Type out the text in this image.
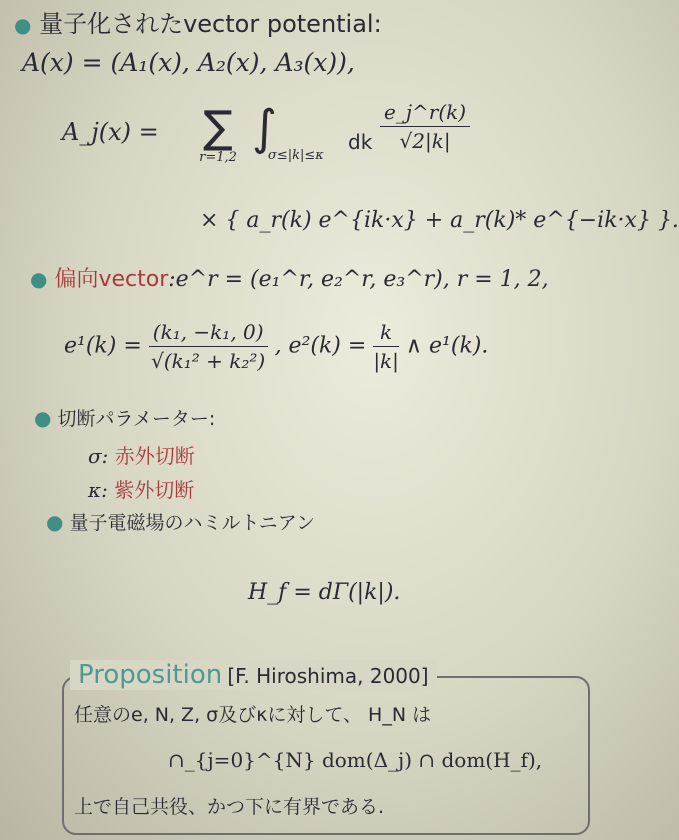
● 量子化されたvector potential:
A(x) = (A₁(x), A₂(x), A₃(x)),
A_j(x) =	∑
r=1,2
∫
σ≤|k|≤κ
dk $\frac{e\_j\^{}r(k)}{√2|k|}$
× { a_r(k) e^{ik·x} + a_r(k)* e^{−ik·x} }.
● 偏向vector:e^r = (e₁^r, e₂^r, e₃^r), r = 1, 2,
$e^1(k) = \frac{\text{(k₁, −k₁, 0)}}{\text{√(k₁² + k₂²)}}$ , $e^2(k) = \frac{k}{|k|}$ ∧ e¹(k).
● 切断パラメーター:
σ: 赤外切断
κ: 紫外切断
● 量子電磁場のハミルトニアン
H_f = dΓ(|k|).
Proposition [F. Hiroshima, 2000]
任意のe, N, Z, σ及びκに対して、 H_N は
∩_{j=0}^{N} dom(Δ_j) ∩ dom(H_f),
上で自己共役、かつ下に有界である.
